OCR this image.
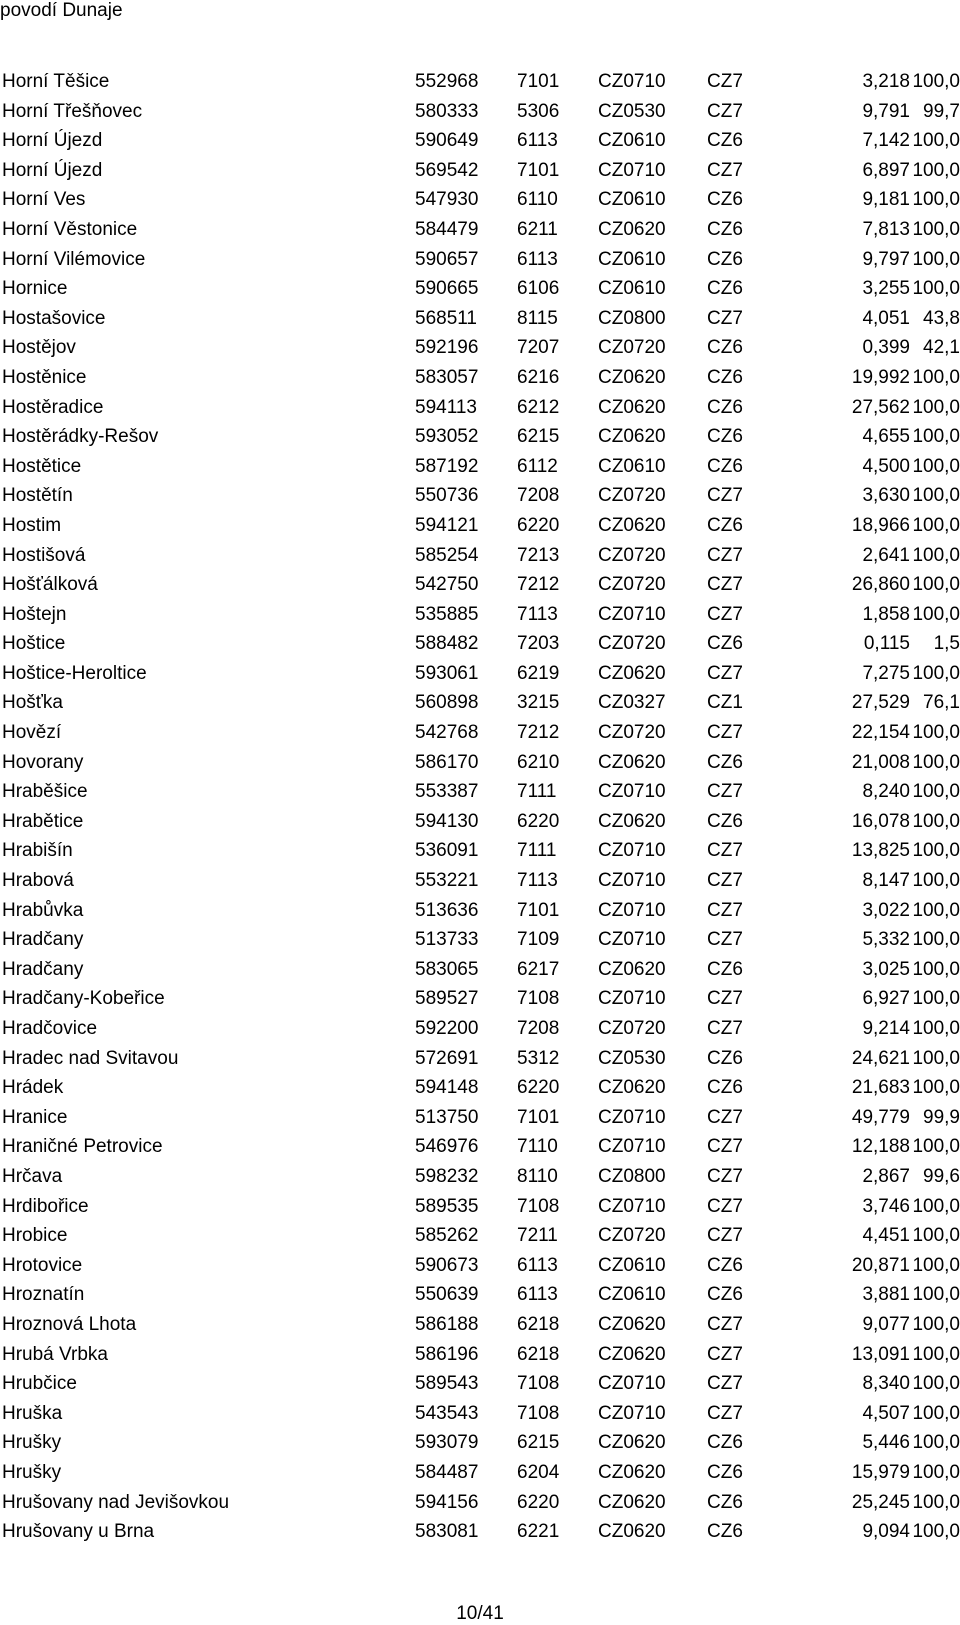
povodí Dunaje
Horní Těšice	552968 7101 CZ0710 CZ7	3,218 100,0
Horní Třešňovec	580333 5306 CZ0530 CZ7	9,791 99,7
Horní Újezd	590649 6113 CZ0610 CZ6	7,142 100,0
Horní Újezd	569542 7101 CZ0710 CZ7	6,897 100,0
Horní Ves	547930 6110 CZ0610 CZ6	9,181 100,0
Horní Věstonice	584479 6211 CZ0620 CZ6	7,813 100,0
Horní Vilémovice	590657 6113 CZ0610 CZ6	9,797 100,0
Hornice	590665 6106 CZ0610 CZ6	3,255 100,0
Hostašovice	568511 8115 CZ0800 CZ7	4,051 43,8
Hostějov	592196 7207 CZ0720 CZ6	0,399 42,1
Hostěnice	583057 6216 CZ0620 CZ6	19,992 100,0
Hostěradice	594113 6212 CZ0620 CZ6	27,562 100,0
Hostěrádky-Rešov	593052 6215 CZ0620 CZ6	4,655 100,0
Hostětice	587192 6112 CZ0610 CZ6	4,500 100,0
Hostětín	550736 7208 CZ0720 CZ7	3,630 100,0
Hostim	594121 6220 CZ0620 CZ6	18,966 100,0
Hostišová	585254 7213 CZ0720 CZ7	2,641 100,0
Hošťálková	542750 7212 CZ0720 CZ7	26,860 100,0
Hoštejn	535885 7113 CZ0710 CZ7	1,858 100,0
Hoštice	588482 7203 CZ0720 CZ6	0,115 1,5
Hoštice-Heroltice	593061 6219 CZ0620 CZ7	7,275 100,0
Hošťka	560898 3215 CZ0327 CZ1	27,529 76,1
Hovězí	542768 7212 CZ0720 CZ7	22,154 100,0
Hovorany	586170 6210 CZ0620 CZ6	21,008 100,0
Hraběšice	553387 7111 CZ0710 CZ7	8,240 100,0
Hrabětice	594130 6220 CZ0620 CZ6	16,078 100,0
Hrabišín	536091 7111 CZ0710 CZ7	13,825 100,0
Hrabová	553221 7113 CZ0710 CZ7	8,147 100,0
Hrabůvka	513636 7101 CZ0710 CZ7	3,022 100,0
Hradčany	513733 7109 CZ0710 CZ7	5,332 100,0
Hradčany	583065 6217 CZ0620 CZ6	3,025 100,0
Hradčany-Kobeřice	589527 7108 CZ0710 CZ7	6,927 100,0
Hradčovice	592200 7208 CZ0720 CZ7	9,214 100,0
Hradec nad Svitavou	572691 5312 CZ0530 CZ6	24,621 100,0
Hrádek	594148 6220 CZ0620 CZ6	21,683 100,0
Hranice	513750 7101 CZ0710 CZ7	49,779 99,9
Hraničné Petrovice	546976 7110 CZ0710 CZ7	12,188 100,0
Hrčava	598232 8110 CZ0800 CZ7	2,867 99,6
Hrdibořice	589535 7108 CZ0710 CZ7	3,746 100,0
Hrobice	585262 7211 CZ0720 CZ7	4,451 100,0
Hrotovice	590673 6113 CZ0610 CZ6	20,871 100,0
Hroznatín	550639 6113 CZ0610 CZ6	3,881 100,0
Hroznová Lhota	586188 6218 CZ0620 CZ7	9,077 100,0
Hrubá Vrbka	586196 6218 CZ0620 CZ7	13,091 100,0
Hrubčice	589543 7108 CZ0710 CZ7	8,340 100,0
Hruška	543543 7108 CZ0710 CZ7	4,507 100,0
Hrušky	593079 6215 CZ0620 CZ6	5,446 100,0
Hrušky	584487 6204 CZ0620 CZ6	15,979 100,0
Hrušovany nad Jevišovkou	594156 6220 CZ0620 CZ6	25,245 100,0
Hrušovany u Brna	583081 6221 CZ0620 CZ6	9,094 100,0
10/41
